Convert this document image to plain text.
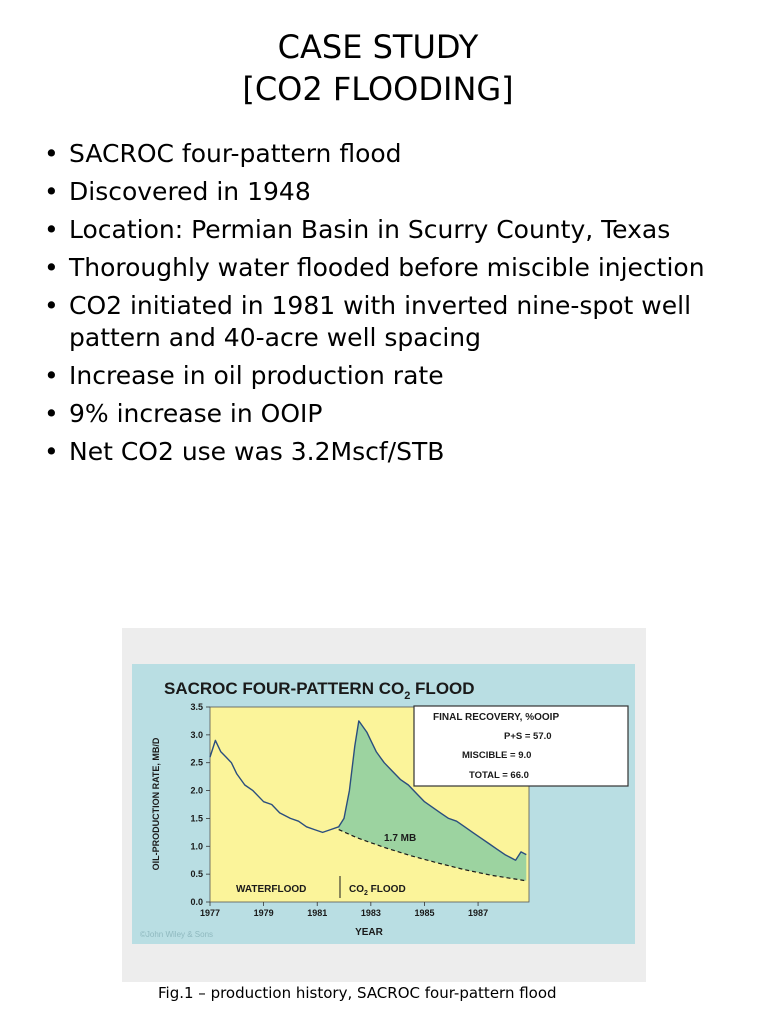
CASE STUDY
[CO2 FLOODING]
• SACROC four-pattern flood
• Discovered in 1948
• Location: Permian Basin in Scurry County, Texas
• Thoroughly water flooded before miscible injection
• CO2 initiated in 1981 with inverted nine-spot well pattern and 40-acre well spacing
• Increase in oil production rate
• 9% increase in OOIP
• Net CO2 use was 3.2Mscf/STB
SACROC FOUR-PATTERN $CO_2$ FLOOD
1977	1979	1981	1983	1985	1987
0.0
0.5
1.0
1.5
2.0
2.5
3.0
3.5
WATERFLOOD	$CO_2$ FLOOD
1.7 MB
FINAL RECOVERY, %OOIP
P+S = 57.0
MISCIBLE = 9.0
TOTAL = 66.0
YEAR
OIL-PRODUCTION RATE, MB/D
©John Wiley & Sons
Fig.1 – production history, SACROC four-pattern flood
